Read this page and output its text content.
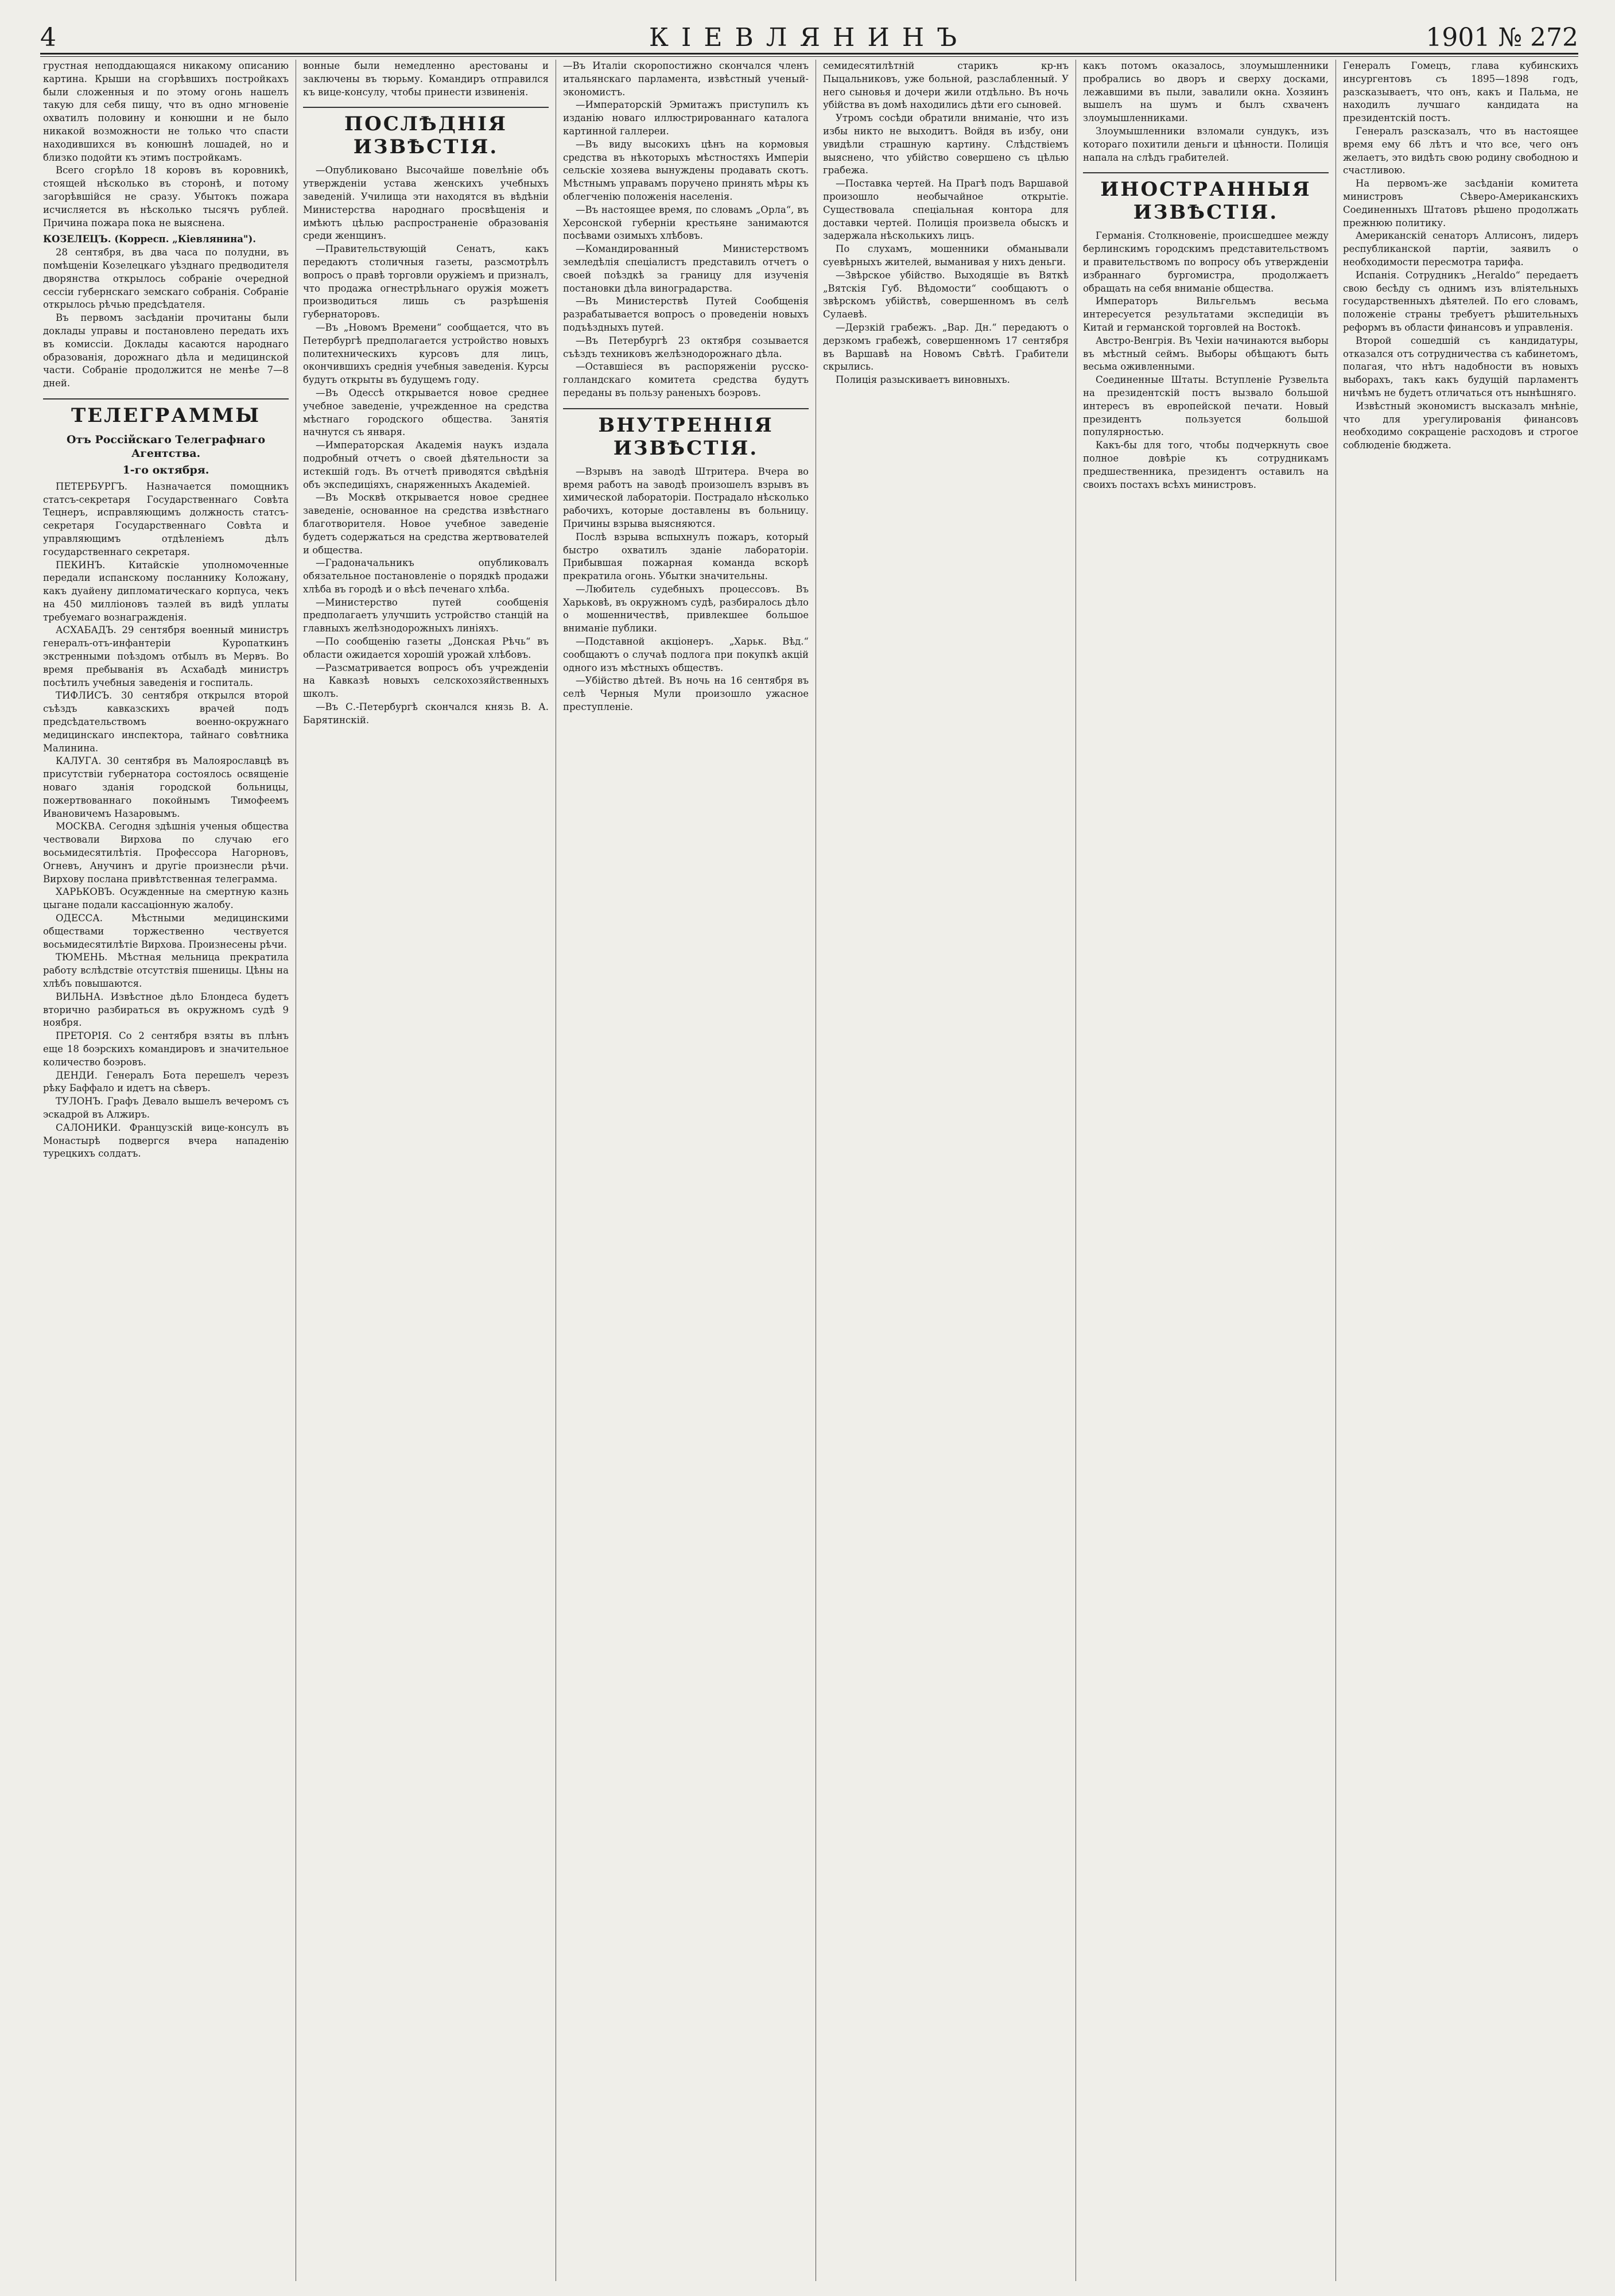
4	КІЕВЛЯНИНЪ	1901 № 272

грустная неподдающаяся никакому описанию картина. Крыши на сгорѣвшихъ постройкахъ были сложенныя и по этому огонь нашелъ такую для себя пищу, что въ одно мгновеніе охватилъ половину и конюшни и не было никакой возможности не только что спасти находившихся въ конюшнѣ лошадей, но и близко подойти къ этимъ постройкамъ.

Всего сгорѣло 18 коровъ въ коровникѣ, стоящей нѣсколько въ сторонѣ, и потому загорѣвшійся не сразу. Убытокъ пожара исчисляется въ нѣсколько тысячъ рублей. Причина пожара пока не выяснена.

КОЗЕЛЕЦЪ. (Корресп. „Кіевлянина").

28 сентября, въ два часа по полудни, въ помѣщеніи Козелецкаго уѣзднаго предводителя дворянства открылось собраніе очередной сессіи губернскаго земскаго собранія. Собраніе открылось рѣчью предсѣдателя.

Въ первомъ засѣданіи прочитаны были доклады управы и постановлено передать ихъ въ комиссіи. Доклады касаются народнаго образованія, дорожнаго дѣла и медицинской части. Собраніе продолжится не менѣе 7—8 дней.

ТЕЛЕГРАММЫ
Отъ Россійскаго Телеграфнаго Агентства.
1-го октября.

ПЕТЕРБУРГЪ. Назначается помощникъ статсъ-секретаря Государственнаго Совѣта Тецнеръ, исправляющимъ должность статсъ-секретаря Государственнаго Совѣта и управляющимъ отдѣленіемъ дѣлъ государственнаго секретаря.

ПЕКИНЪ. Китайскіе уполномоченные передали испанскому посланнику Коложану, какъ дуайену дипломатическаго корпуса, чекъ на 450 милліоновъ таэлей въ видѣ уплаты требуемаго вознагражденія.

АСХАБАДЪ. 29 сентября военный министръ генералъ-отъ-инфантеріи Куропаткинъ экстренными поѣздомъ отбылъ въ Мервъ. Во время пребыванія въ Асхабадѣ министръ посѣтилъ учебныя заведенія и госпиталь.

ТИФЛИСЪ. 30 сентября открылся второй съѣздъ кавказскихъ врачей подъ предсѣдательствомъ военно-окружнаго медицинскаго инспектора, тайнаго совѣтника Малинина.

КАЛУГА. 30 сентября въ Малоярославцѣ въ присутствіи губернатора состоялось освященіе новаго зданія городской больницы, пожертвованнаго покойнымъ Тимофеемъ Ивановичемъ Назаровымъ.

МОСКВА. Сегодня здѣшнія ученыя общества чествовали Вирхова по случаю его восьмидесятилѣтія. Профессора Нагорновъ, Огневъ, Анучинъ и другіе произнесли рѣчи. Вирхову послана привѣтственная телеграмма.

ХАРЬКОВЪ. Осужденные на смертную казнь цыгане подали кассаціонную жалобу.

ОДЕССА. Мѣстными медицинскими обществами торжественно чествуется восьмидесятилѣтіе Вирхова. Произнесены рѣчи.

ТЮМЕНЬ. Мѣстная мельница прекратила работу вслѣдствіе отсутствія пшеницы. Цѣны на хлѣбъ повышаются.

ВИЛЬНА. Извѣстное дѣло Блондеса будетъ вторично разбираться въ окружномъ судѣ 9 ноября.

ПРЕТОРІЯ. Со 2 сентября взяты въ плѣнъ еще 18 боэрскихъ командировъ и значительное количество боэровъ.

ДЕНДИ. Генералъ Бота перешелъ черезъ рѣку Баффало и идетъ на сѣверъ.

ТУЛОНЪ. Графъ Девало вышелъ вечеромъ съ эскадрой въ Алжиръ.

САЛОНИКИ. Французскій вице-консулъ въ Монастырѣ подвергся вчера нападенію турецкихъ солдатъ.

вонные были немедленно арестованы и заключены въ тюрьму. Командиръ отправился къ вице-консулу, чтобы принести извиненія.

ПОСЛѢДНІЯ ИЗВѢСТІЯ.

—Опубликовано Высочайше повелѣніе объ утвержденіи устава женскихъ учебныхъ заведеній. Училища эти находятся въ вѣдѣніи Министерства народнаго просвѣщенія и имѣютъ цѣлью распространеніе образованія среди женщинъ.

—Правительствующій Сенатъ, какъ передаютъ столичныя газеты, разсмотрѣлъ вопросъ о правѣ торговли оружіемъ и призналъ, что продажа огнестрѣльнаго оружія можетъ производиться лишь съ разрѣшенія губернаторовъ.

—Въ „Новомъ Времени“ сообщается, что въ Петербургѣ предполагается устройство новыхъ политехническихъ курсовъ для лицъ, окончившихъ среднія учебныя заведенія. Курсы будутъ открыты въ будущемъ году.

—Въ Одессѣ открывается новое среднее учебное заведеніе, учрежденное на средства мѣстнаго городского общества. Занятія начнутся съ января.

—Императорская Академія наукъ издала подробный отчетъ о своей дѣятельности за истекшій годъ. Въ отчетѣ приводятся свѣдѣнія объ экспедиціяхъ, снаряженныхъ Академіей.

—Въ Москвѣ открывается новое среднее заведеніе, основанное на средства извѣстнаго благотворителя. Новое учебное заведеніе будетъ содержаться на средства жертвователей и общества.

—Градоначальникъ опубликовалъ обязательное постановленіе о порядкѣ продажи хлѣба въ городѣ и о вѣсѣ печенаго хлѣба.

—Министерство путей сообщенія предполагаетъ улучшить устройство станцій на главныхъ желѣзнодорожныхъ линіяхъ.

—По сообщенію газеты „Донская Рѣчь“ въ области ожидается хорошій урожай хлѣбовъ.

—Разсматривается вопросъ объ учрежденіи на Кавказѣ новыхъ селскохозяйственныхъ школъ.

—Въ С.-Петербургѣ скончался князь В. А. Барятинскій.

—Въ Италіи скоропостижно скончался членъ итальянскаго парламента, извѣстный ученый-экономистъ.

—Императорскій Эрмитажъ приступилъ къ изданію новаго иллюстрированнаго каталога картинной галлереи.

—Въ виду высокихъ цѣнъ на кормовыя средства въ нѣкоторыхъ мѣстностяхъ Имперіи сельскіе хозяева вынуждены продавать скотъ. Мѣстнымъ управамъ поручено принять мѣры къ облегченію положенія населенія.

—Въ настоящее время, по словамъ „Орла“, въ Херсонской губерніи крестьяне занимаются посѣвами озимыхъ хлѣбовъ.

—Командированный Министерствомъ земледѣлія спеціалистъ представилъ отчетъ о своей поѣздкѣ за границу для изученія постановки дѣла виноградарства.

—Въ Министерствѣ Путей Сообщенія разрабатывается вопросъ о проведеніи новыхъ подъѣздныхъ путей.

—Въ Петербургѣ 23 октября созывается съѣздъ техниковъ желѣзнодорожнаго дѣла.

—Оставшіеся въ распоряженіи русско-голландскаго комитета средства будутъ переданы въ пользу раненыхъ боэровъ.

ВНУТРЕННІЯ ИЗВѢСТІЯ.

—Взрывъ на заводѣ Штритера. Вчера во время работъ на заводѣ произошелъ взрывъ въ химической лабораторіи. Пострадало нѣсколько рабочихъ, которые доставлены въ больницу. Причины взрыва выясняются.

Послѣ взрыва вспыхнулъ пожаръ, который быстро охватилъ зданіе лабораторіи. Прибывшая пожарная команда вскорѣ прекратила огонь. Убытки значительны.

—Любитель судебныхъ процессовъ. Въ Харьковѣ, въ окружномъ судѣ, разбиралось дѣло о мошенничествѣ, привлекшее большое вниманіе публики.

—Подставной акціонеръ. „Харьк. Вѣд.“ сообщаютъ о случаѣ подлога при покупкѣ акцій одного изъ мѣстныхъ обществъ.

—Убійство дѣтей. Въ ночь на 16 сентября въ селѣ Черныя Мули произошло ужасное преступленіе.

семидесятилѣтній старикъ кр-нъ Пыцальниковъ, уже больной, разслабленный. У него сыновья и дочери жили отдѣльно. Въ ночь убійства въ домѣ находились дѣти его сыновей.

Утромъ сосѣди обратили вниманіе, что изъ избы никто не выходитъ. Войдя въ избу, они увидѣли страшную картину. Слѣдствіемъ выяснено, что убійство совершено съ цѣлью грабежа.

—Поставка чертей. На Прагѣ подъ Варшавой произошло необычайное открытіе. Существовала спеціальная контора для доставки чертей. Полиція произвела обыскъ и задержала нѣсколькихъ лицъ.

По слухамъ, мошенники обманывали суевѣрныхъ жителей, выманивая у нихъ деньги.

—Звѣрское убійство. Выходящіе въ Вяткѣ „Вятскія Губ. Вѣдомости“ сообщаютъ о звѣрскомъ убійствѣ, совершенномъ въ селѣ Сулаевѣ.

—Дерзкій грабежъ. „Вар. Дн.“ передаютъ о дерзкомъ грабежѣ, совершенномъ 17 сентября въ Варшавѣ на Новомъ Свѣтѣ. Грабители скрылись.

Полиція разыскиваетъ виновныхъ.

какъ потомъ оказалось, злоумышленники пробрались во дворъ и сверху досками, лежавшими въ пыли, завалили окна. Хозяинъ вышелъ на шумъ и былъ схваченъ злоумышленниками.

Злоумышленники взломали сундукъ, изъ котораго похитили деньги и цѣнности. Полиція напала на слѣдъ грабителей.

ИНОСТРАННЫЯ ИЗВѢСТІЯ.

Германія. Столкновеніе, происшедшее между берлинскимъ городскимъ представительствомъ и правительствомъ по вопросу объ утвержденіи избраннаго бургомистра, продолжаетъ обращать на себя вниманіе общества.

Императоръ Вильгельмъ весьма интересуется результатами экспедиціи въ Китай и германской торговлей на Востокѣ.

Австро-Венгрія. Въ Чехіи начинаются выборы въ мѣстный сеймъ. Выборы обѣщаютъ быть весьма оживленными.

Соединенные Штаты. Вступленіе Рузвельта на президентскій постъ вызвало большой интересъ въ европейской печати. Новый президентъ пользуется большой популярностью.

Какъ-бы для того, чтобы подчеркнуть свое полное довѣріе къ сотрудникамъ предшественника, президентъ оставилъ на своихъ постахъ всѣхъ министровъ.

Генералъ Гомецъ, глава кубинскихъ инсургентовъ съ 1895—1898 годъ, разсказываетъ, что онъ, какъ и Пальма, не находилъ лучшаго кандидата на президентскій постъ.

Генералъ разсказалъ, что въ настоящее время ему 66 лѣтъ и что все, чего онъ желаетъ, это видѣть свою родину свободною и счастливою.

На первомъ-же засѣданіи комитета министровъ Сѣверо-Американскихъ Соединенныхъ Штатовъ рѣшено продолжать прежнюю политику.

Американскій сенаторъ Аллисонъ, лидеръ республиканской партіи, заявилъ о необходимости пересмотра тарифа.

Испанія. Сотрудникъ „Heraldo“ передаетъ свою бесѣду съ однимъ изъ вліятельныхъ государственныхъ дѣятелей. По его словамъ, положеніе страны требуетъ рѣшительныхъ реформъ въ области финансовъ и управленія.

Второй сошедшій съ кандидатуры, отказался отъ сотрудничества съ кабинетомъ, полагая, что нѣтъ надобности въ новыхъ выборахъ, такъ какъ будущій парламентъ ничѣмъ не будетъ отличаться отъ нынѣшняго.

Извѣстный экономистъ высказалъ мнѣніе, что для урегулированія финансовъ необходимо сокращеніе расходовъ и строгое соблюденіе бюджета.
